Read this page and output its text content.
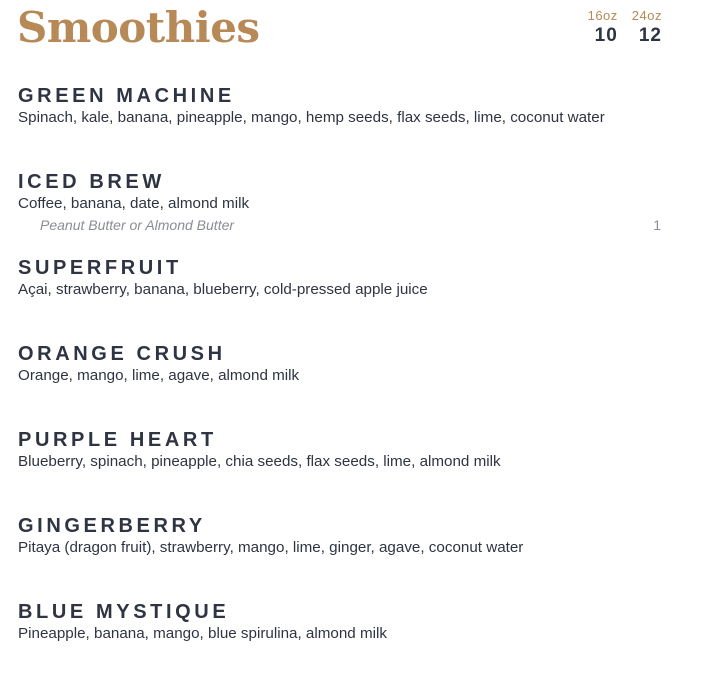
Smoothies	16oz
10
24oz
12
GREEN MACHINE
Spinach, kale, banana, pineapple, mango, hemp seeds, flax seeds, lime, coconut water
ICED BREW
Coffee, banana, date, almond milk
Peanut Butter or Almond Butter	1
SUPERFRUIT
Açai, strawberry, banana, blueberry, cold-pressed apple juice
ORANGE CRUSH
Orange, mango, lime, agave, almond milk
PURPLE HEART
Blueberry, spinach, pineapple, chia seeds, flax seeds, lime, almond milk
GINGERBERRY
Pitaya (dragon fruit), strawberry, mango, lime, ginger, agave, coconut water
BLUE MYSTIQUE
Pineapple, banana, mango, blue spirulina, almond milk
